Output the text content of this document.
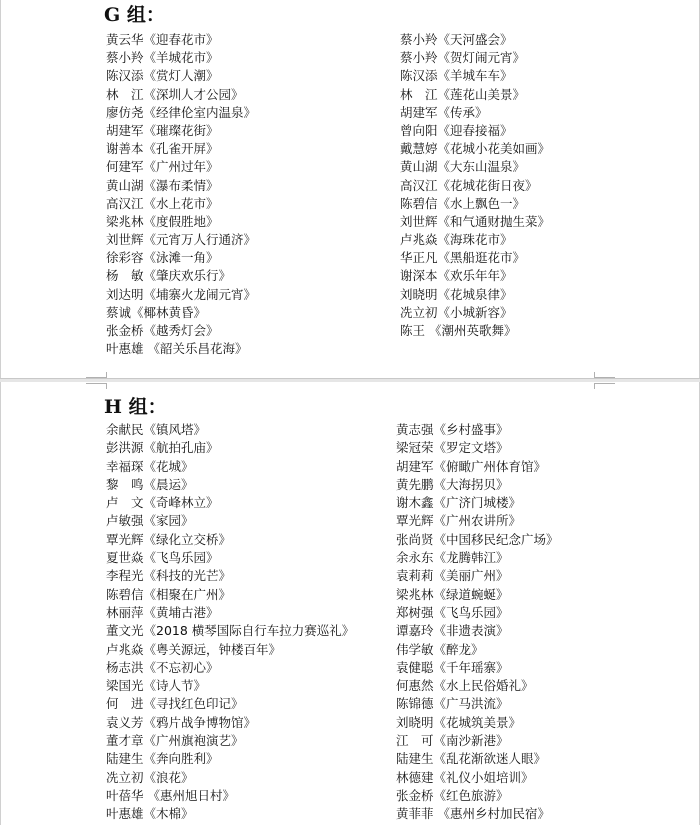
G 组：
黄云华《迎春花市》
蔡小羚《羊城花市》
陈汉添《赏灯人潮》
林　江《深圳人才公园》
廖仿尧《经律伦室内温泉》
胡建军《璀璨花街》
谢善本《孔雀开屏》
何建军《广州过年》
黄山湖《瀑布柔情》
高汉江《水上花市》
梁兆林《度假胜地》
刘世辉《元宵万人行通济》
徐彩容《泳滩一角》
杨　敏《肇庆欢乐行》
刘达明《埔寨火龙闹元宵》
蔡诚《椰林黄昏》
张金桥《越秀灯会》
叶惠雄 《韶关乐昌花海》
蔡小羚《天河盛会》
蔡小羚《贺灯闹元宵》
陈汉添《羊城车车》
林　江《莲花山美景》
胡建军《传承》
曾向阳《迎春接福》
戴慧婷《花城小花美如画》
黄山湖《大东山温泉》
高汉江《花城花街日夜》
陈碧信《水上飘色一》
刘世辉《和气通财抛生菜》
卢兆焱《海珠花市》
华正凡《黑船逛花市》
谢深本《欢乐年年》
刘晓明《花城泉律》
冼立初《小城新容》
陈王 《潮州英歌舞》
H 组：
余献民《镇风塔》
彭洪源《航拍孔庙》
幸福琛《花城》
黎　鸣《晨运》
卢　文《奇峰林立》
卢敏强《家园》
覃光辉《绿化立交桥》
夏世焱《飞鸟乐园》
李程光《科技的光芒》
陈碧信《相聚在广州》
林丽萍《黄埔古港》
董文光《2018 横琴国际自行车拉力赛巡礼》
卢兆焱《粤关源远，钟楼百年》
杨志洪《不忘初心》
梁国光《诗人节》
何　进《寻找红色印记》
袁义芳《鸦片战争博物馆》
董才章《广州旗袍演艺》
陆建生《奔向胜利》
冼立初《浪花》
叶蓓华 《惠州旭日村》
叶惠雄《木棉》
黄志强《乡村盛事》
梁冠荣《罗定文塔》
胡建军《俯瞰广州体育馆》
黄先鹏《大海拐贝》
谢木鑫《广济门城楼》
覃光辉《广州农讲所》
张尚贤《中国移民纪念广场》
余永东《龙腾韩江》
袁莉莉《美丽广州》
梁兆林《绿道蜿蜒》
郑树强《飞鸟乐园》
谭嘉玲《非遗表演》
伟学敏《醉龙》
袁健聪《千年瑶寨》
何惠然《水上民俗婚礼》
陈锦德《广马洪流》
刘晓明《花城筑美景》
江　可《南沙新港》
陆建生《乱花渐欲迷人眼》
林德建《礼仪小姐培训》
张金桥《红色旅游》
黄菲菲 《惠州乡村加民宿》
